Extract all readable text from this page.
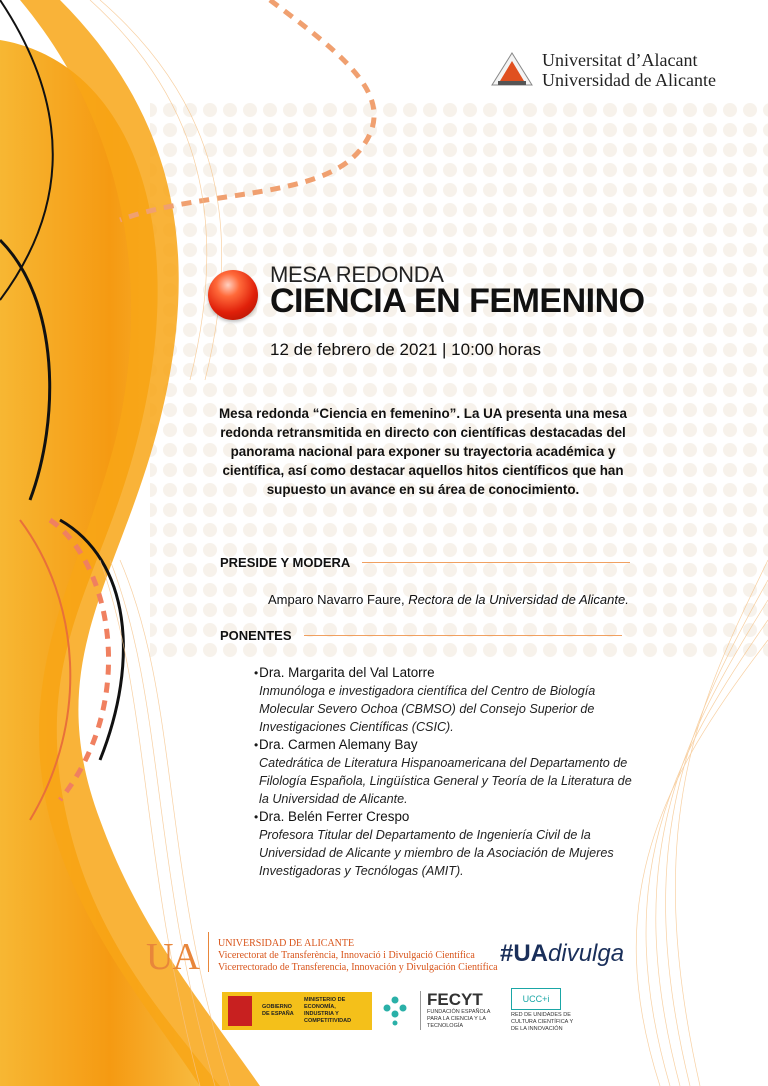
Universitat d’Alacant
Universidad de Alicante
MESA REDONDA
CIENCIA EN FEMENINO
12 de febrero de 2021 | 10:00 horas
Mesa redonda “Ciencia en femenino”. La UA presenta una mesa redonda retransmitida en directo con científicas destacadas del panorama nacional para exponer su trayectoria académica y científica, así como destacar aquellos hitos científicos que han supuesto un avance en su área de conocimiento.
PRESIDE Y MODERA
Amparo Navarro Faure, Rectora de la Universidad de Alicante.
PONENTES
• Dra. Margarita del Val Latorre
Inmunóloga e investigadora científica del Centro de Biología Molecular Severo Ochoa (CBMSO) del Consejo Superior de Investigaciones Científicas (CSIC).
• Dra. Carmen Alemany Bay
Catedrática de Literatura Hispanoamericana del Departamento de Filología Española, Lingüística General y Teoría de la Literatura de la Universidad de Alicante.
• Dra. Belén Ferrer Crespo
Profesora Titular del Departamento de Ingeniería Civil de la Universidad de Alicante y miembro de la Asociación de Mujeres Investigadoras y Tecnólogas (AMIT).
UA UNIVERSIDAD DE ALICANTE
Vicerectorat de Transferència, Innovació i Divulgació Científica
Vicerrectorado de Transferencia, Innovación y Divulgación Científica
#UAdivulga
GOBIERNO DE ESPAÑA
MINISTERIO DE ECONOMÍA, INDUSTRIA Y COMPETITIVIDAD
FECYT
FUNDACIÓN ESPAÑOLA PARA LA CIENCIA Y LA TECNOLOGÍA
UCC+i
RED DE UNIDADES DE CULTURA CIENTÍFICA Y DE LA INNOVACIÓN
